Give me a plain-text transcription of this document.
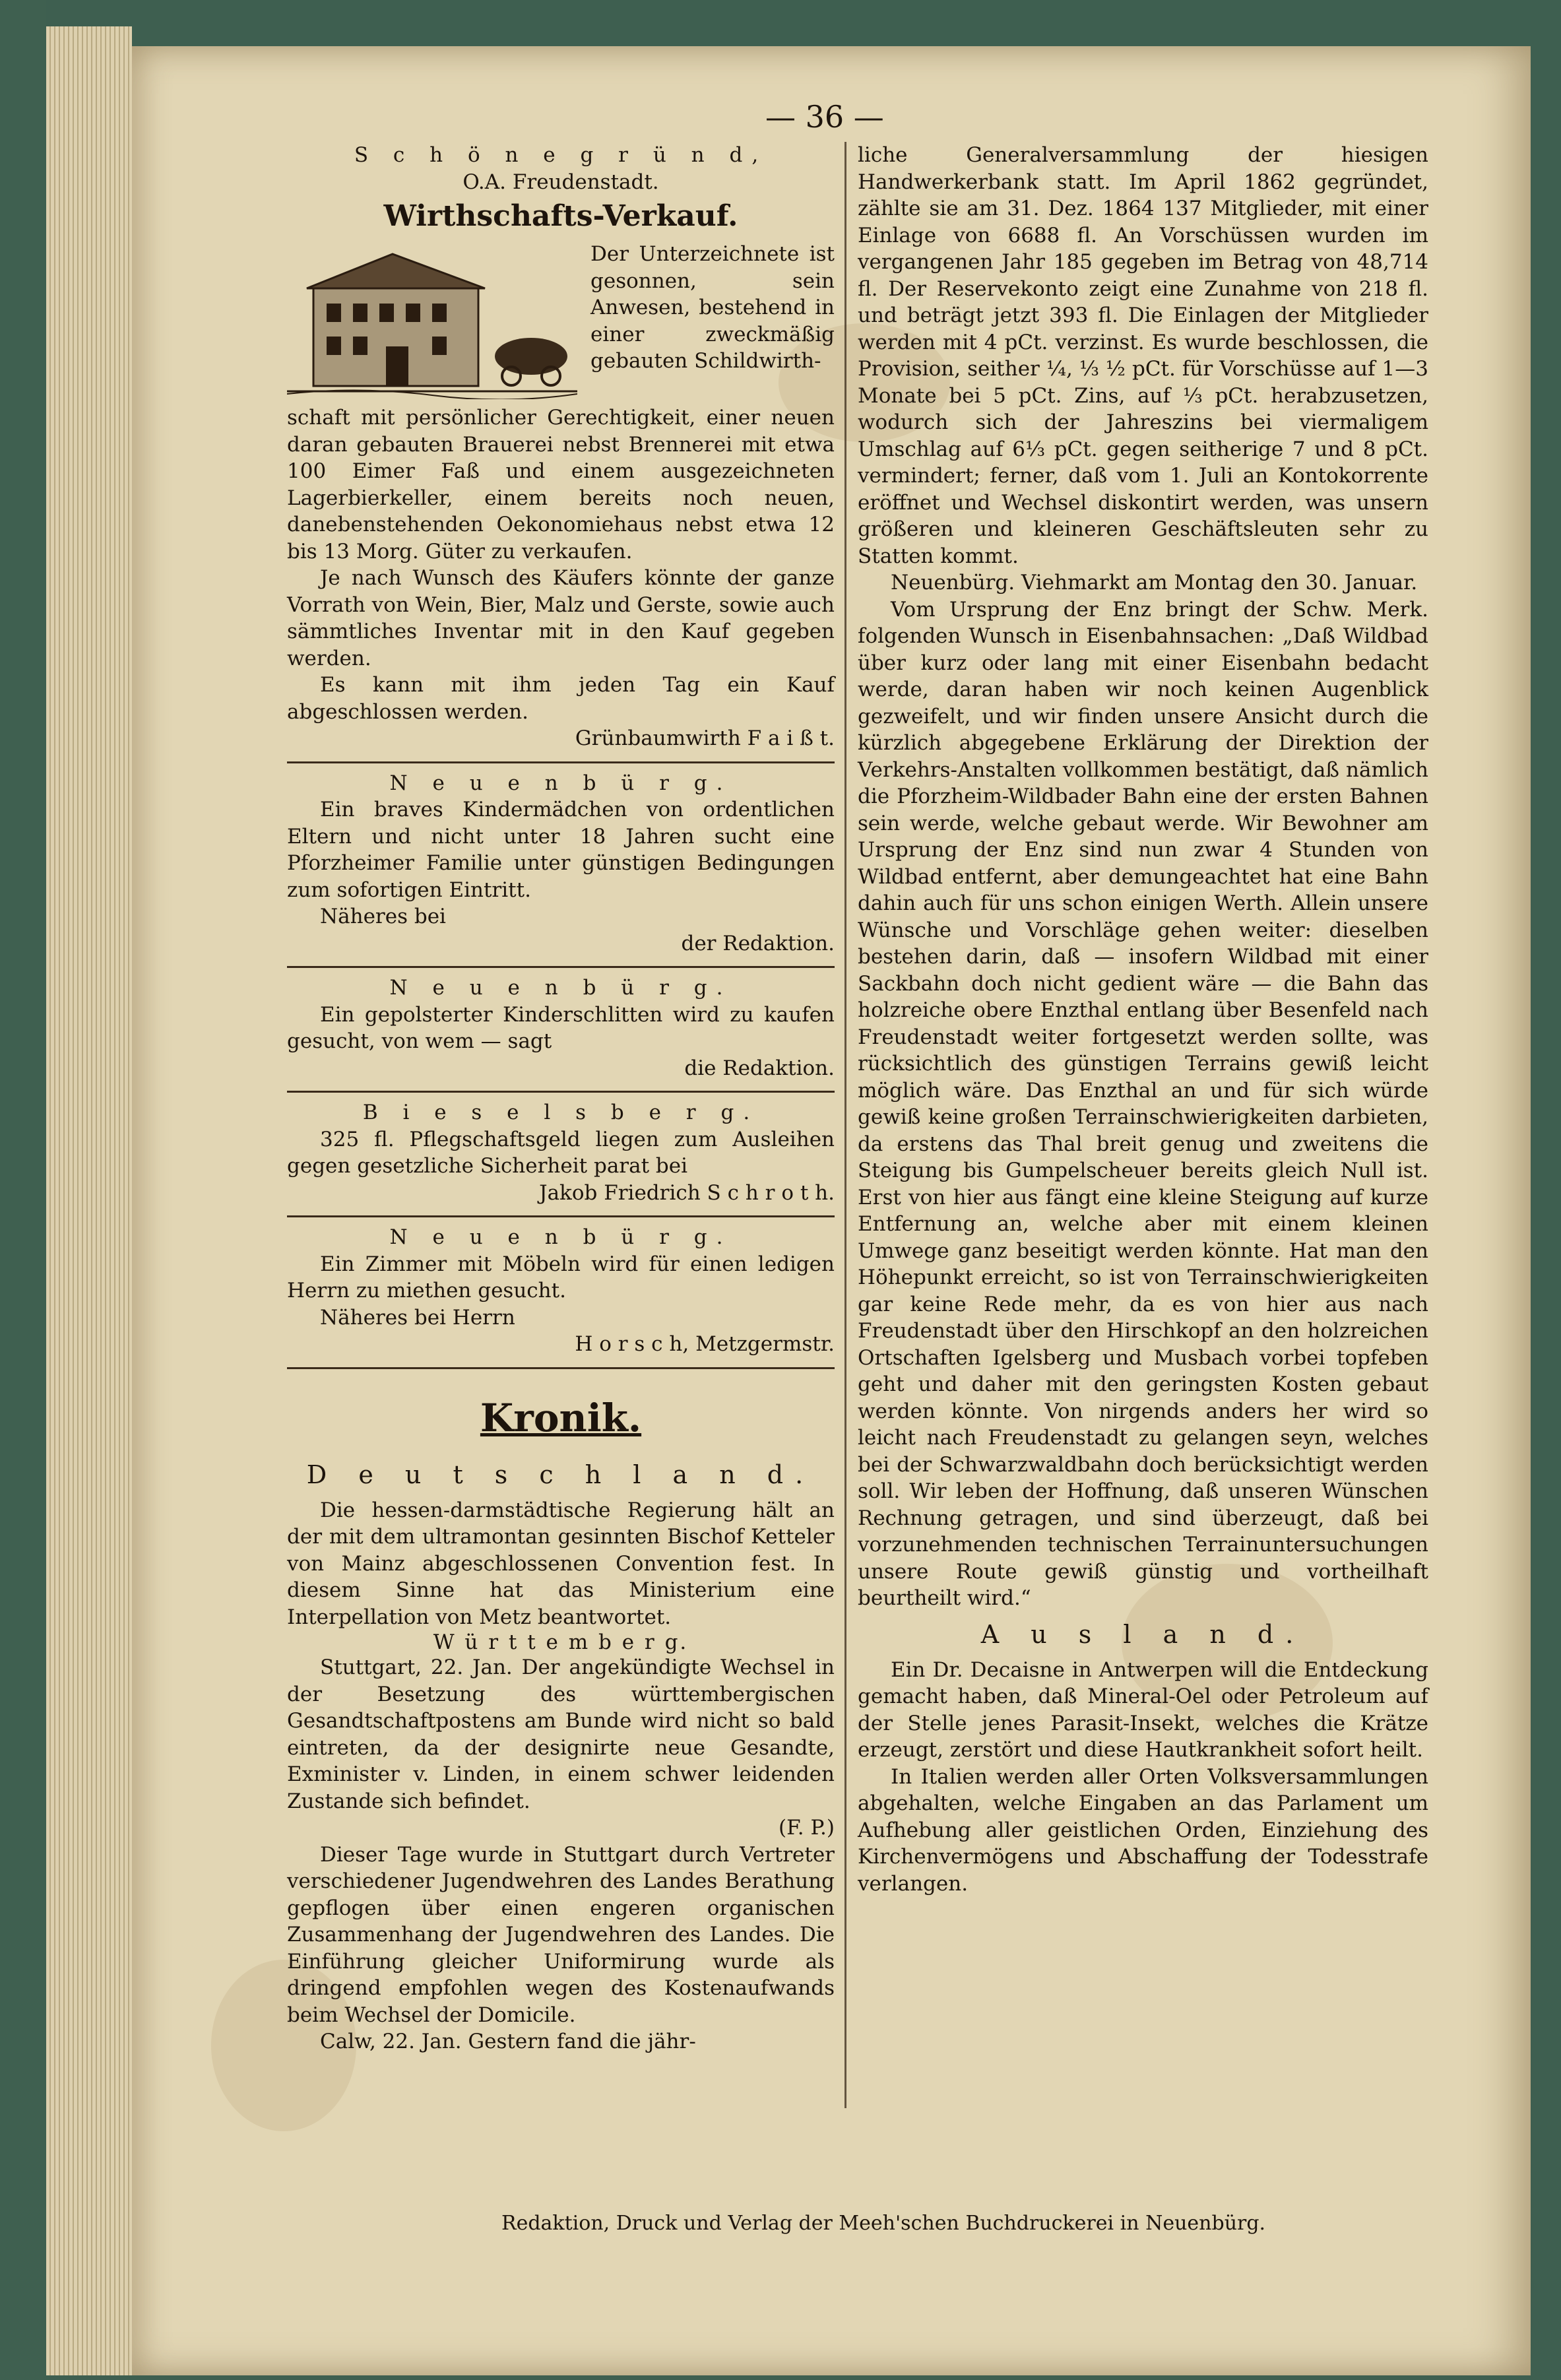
— 36 —

S c h ö n e g r ü n d,

O.A. Freudenstadt.

Wirthschafts-Verkauf.

Der Unterzeichnete ist gesonnen, sein Anwesen, bestehend in einer zweckmäßig gebauten Schildwirth-

schaft mit persönlicher Gerechtigkeit, einer neuen daran gebauten Brauerei nebst Brennerei mit etwa 100 Eimer Faß und einem ausgezeichneten Lagerbierkeller, einem bereits noch neuen, danebenstehenden Oekonomiehaus nebst etwa 12 bis 13 Morg. Güter zu verkaufen.

Je nach Wunsch des Käufers könnte der ganze Vorrath von Wein, Bier, Malz und Gerste, sowie auch sämmtliches Inventar mit in den Kauf gegeben werden.

Es kann mit ihm jeden Tag ein Kauf abgeschlossen werden.

Grünbaumwirth F a i ß t.

N e u e n b ü r g.

Ein braves Kindermädchen von ordentlichen Eltern und nicht unter 18 Jahren sucht eine Pforzheimer Familie unter günstigen Bedingungen zum sofortigen Eintritt.

Näheres bei

der Redaktion.

N e u e n b ü r g.

Ein gepolsterter Kinderschlitten wird zu kaufen gesucht, von wem — sagt

die Redaktion.

B i e s e l s b e r g.

325 fl. Pflegschaftsgeld liegen zum Ausleihen gegen gesetzliche Sicherheit parat bei

Jakob Friedrich S c h r o t h.

N e u e n b ü r g.

Ein Zimmer mit Möbeln wird für einen ledigen Herrn zu miethen gesucht.

Näheres bei Herrn

H o r s c h, Metzgermstr.

Kronik.
D e u t s c h l a n d.

Die hessen-darmstädtische Regierung hält an der mit dem ultramontan gesinnten Bischof Ketteler von Mainz abgeschlossenen Convention fest. In diesem Sinne hat das Ministerium eine Interpellation von Metz beantwortet.

W ü r t t e m b e r g.

Stuttgart, 22. Jan. Der angekündigte Wechsel in der Besetzung des württembergischen Gesandtschaftpostens am Bunde wird nicht so bald eintreten, da der designirte neue Gesandte, Exminister v. Linden, in einem schwer leidenden Zustande sich befindet.

(F. P.)

Dieser Tage wurde in Stuttgart durch Vertreter verschiedener Jugendwehren des Landes Berathung gepflogen über einen engeren organischen Zusammenhang der Jugendwehren des Landes. Die Einführung gleicher Uniformirung wurde als dringend empfohlen wegen des Kostenaufwands beim Wechsel der Domicile.

Calw, 22. Jan. Gestern fand die jähr-

liche Generalversammlung der hiesigen Handwerkerbank statt. Im April 1862 gegründet, zählte sie am 31. Dez. 1864 137 Mitglieder, mit einer Einlage von 6688 fl. An Vorschüssen wurden im vergangenen Jahr 185 gegeben im Betrag von 48,714 fl. Der Reservekonto zeigt eine Zunahme von 218 fl. und beträgt jetzt 393 fl. Die Einlagen der Mitglieder werden mit 4 pCt. verzinst. Es wurde beschlossen, die Provision, seither ¼, ⅓ ½ pCt. für Vorschüsse auf 1—3 Monate bei 5 pCt. Zins, auf ⅓ pCt. herabzusetzen, wodurch sich der Jahreszins bei viermaligem Umschlag auf 6⅓ pCt. gegen seitherige 7 und 8 pCt. vermindert; ferner, daß vom 1. Juli an Kontokorrente eröffnet und Wechsel diskontirt werden, was unsern größeren und kleineren Geschäftsleuten sehr zu Statten kommt.

Neuenbürg. Viehmarkt am Montag den 30. Januar.

Vom Ursprung der Enz bringt der Schw. Merk. folgenden Wunsch in Eisenbahnsachen: „Daß Wildbad über kurz oder lang mit einer Eisenbahn bedacht werde, daran haben wir noch keinen Augenblick gezweifelt, und wir finden unsere Ansicht durch die kürzlich abgegebene Erklärung der Direktion der Verkehrs-Anstalten vollkommen bestätigt, daß nämlich die Pforzheim-Wildbader Bahn eine der ersten Bahnen sein werde, welche gebaut werde. Wir Bewohner am Ursprung der Enz sind nun zwar 4 Stunden von Wildbad entfernt, aber demungeachtet hat eine Bahn dahin auch für uns schon einigen Werth. Allein unsere Wünsche und Vorschläge gehen weiter: dieselben bestehen darin, daß — insofern Wildbad mit einer Sackbahn doch nicht gedient wäre — die Bahn das holzreiche obere Enzthal entlang über Besenfeld nach Freudenstadt weiter fortgesetzt werden sollte, was rücksichtlich des günstigen Terrains gewiß leicht möglich wäre. Das Enzthal an und für sich würde gewiß keine großen Terrainschwierigkeiten darbieten, da erstens das Thal breit genug und zweitens die Steigung bis Gumpelscheuer bereits gleich Null ist. Erst von hier aus fängt eine kleine Steigung auf kurze Entfernung an, welche aber mit einem kleinen Umwege ganz beseitigt werden könnte. Hat man den Höhepunkt erreicht, so ist von Terrainschwierigkeiten gar keine Rede mehr, da es von hier aus nach Freudenstadt über den Hirschkopf an den holzreichen Ortschaften Igelsberg und Musbach vorbei topfeben geht und daher mit den geringsten Kosten gebaut werden könnte. Von nirgends anders her wird so leicht nach Freudenstadt zu gelangen seyn, welches bei der Schwarzwaldbahn doch berücksichtigt werden soll. Wir leben der Hoffnung, daß unseren Wünschen Rechnung getragen, und sind überzeugt, daß bei vorzunehmenden technischen Terrainuntersuchungen unsere Route gewiß günstig und vortheilhaft beurtheilt wird.“

A u s l a n d.

Ein Dr. Decaisne in Antwerpen will die Entdeckung gemacht haben, daß Mineral-Oel oder Petroleum auf der Stelle jenes Parasit-Insekt, welches die Krätze erzeugt, zerstört und diese Hautkrankheit sofort heilt.

In Italien werden aller Orten Volksversammlungen abgehalten, welche Eingaben an das Parlament um Aufhebung aller geistlichen Orden, Einziehung des Kirchenvermögens und Abschaffung der Todesstrafe verlangen.

Redaktion, Druck und Verlag der Meeh'schen Buchdruckerei in Neuenbürg.
